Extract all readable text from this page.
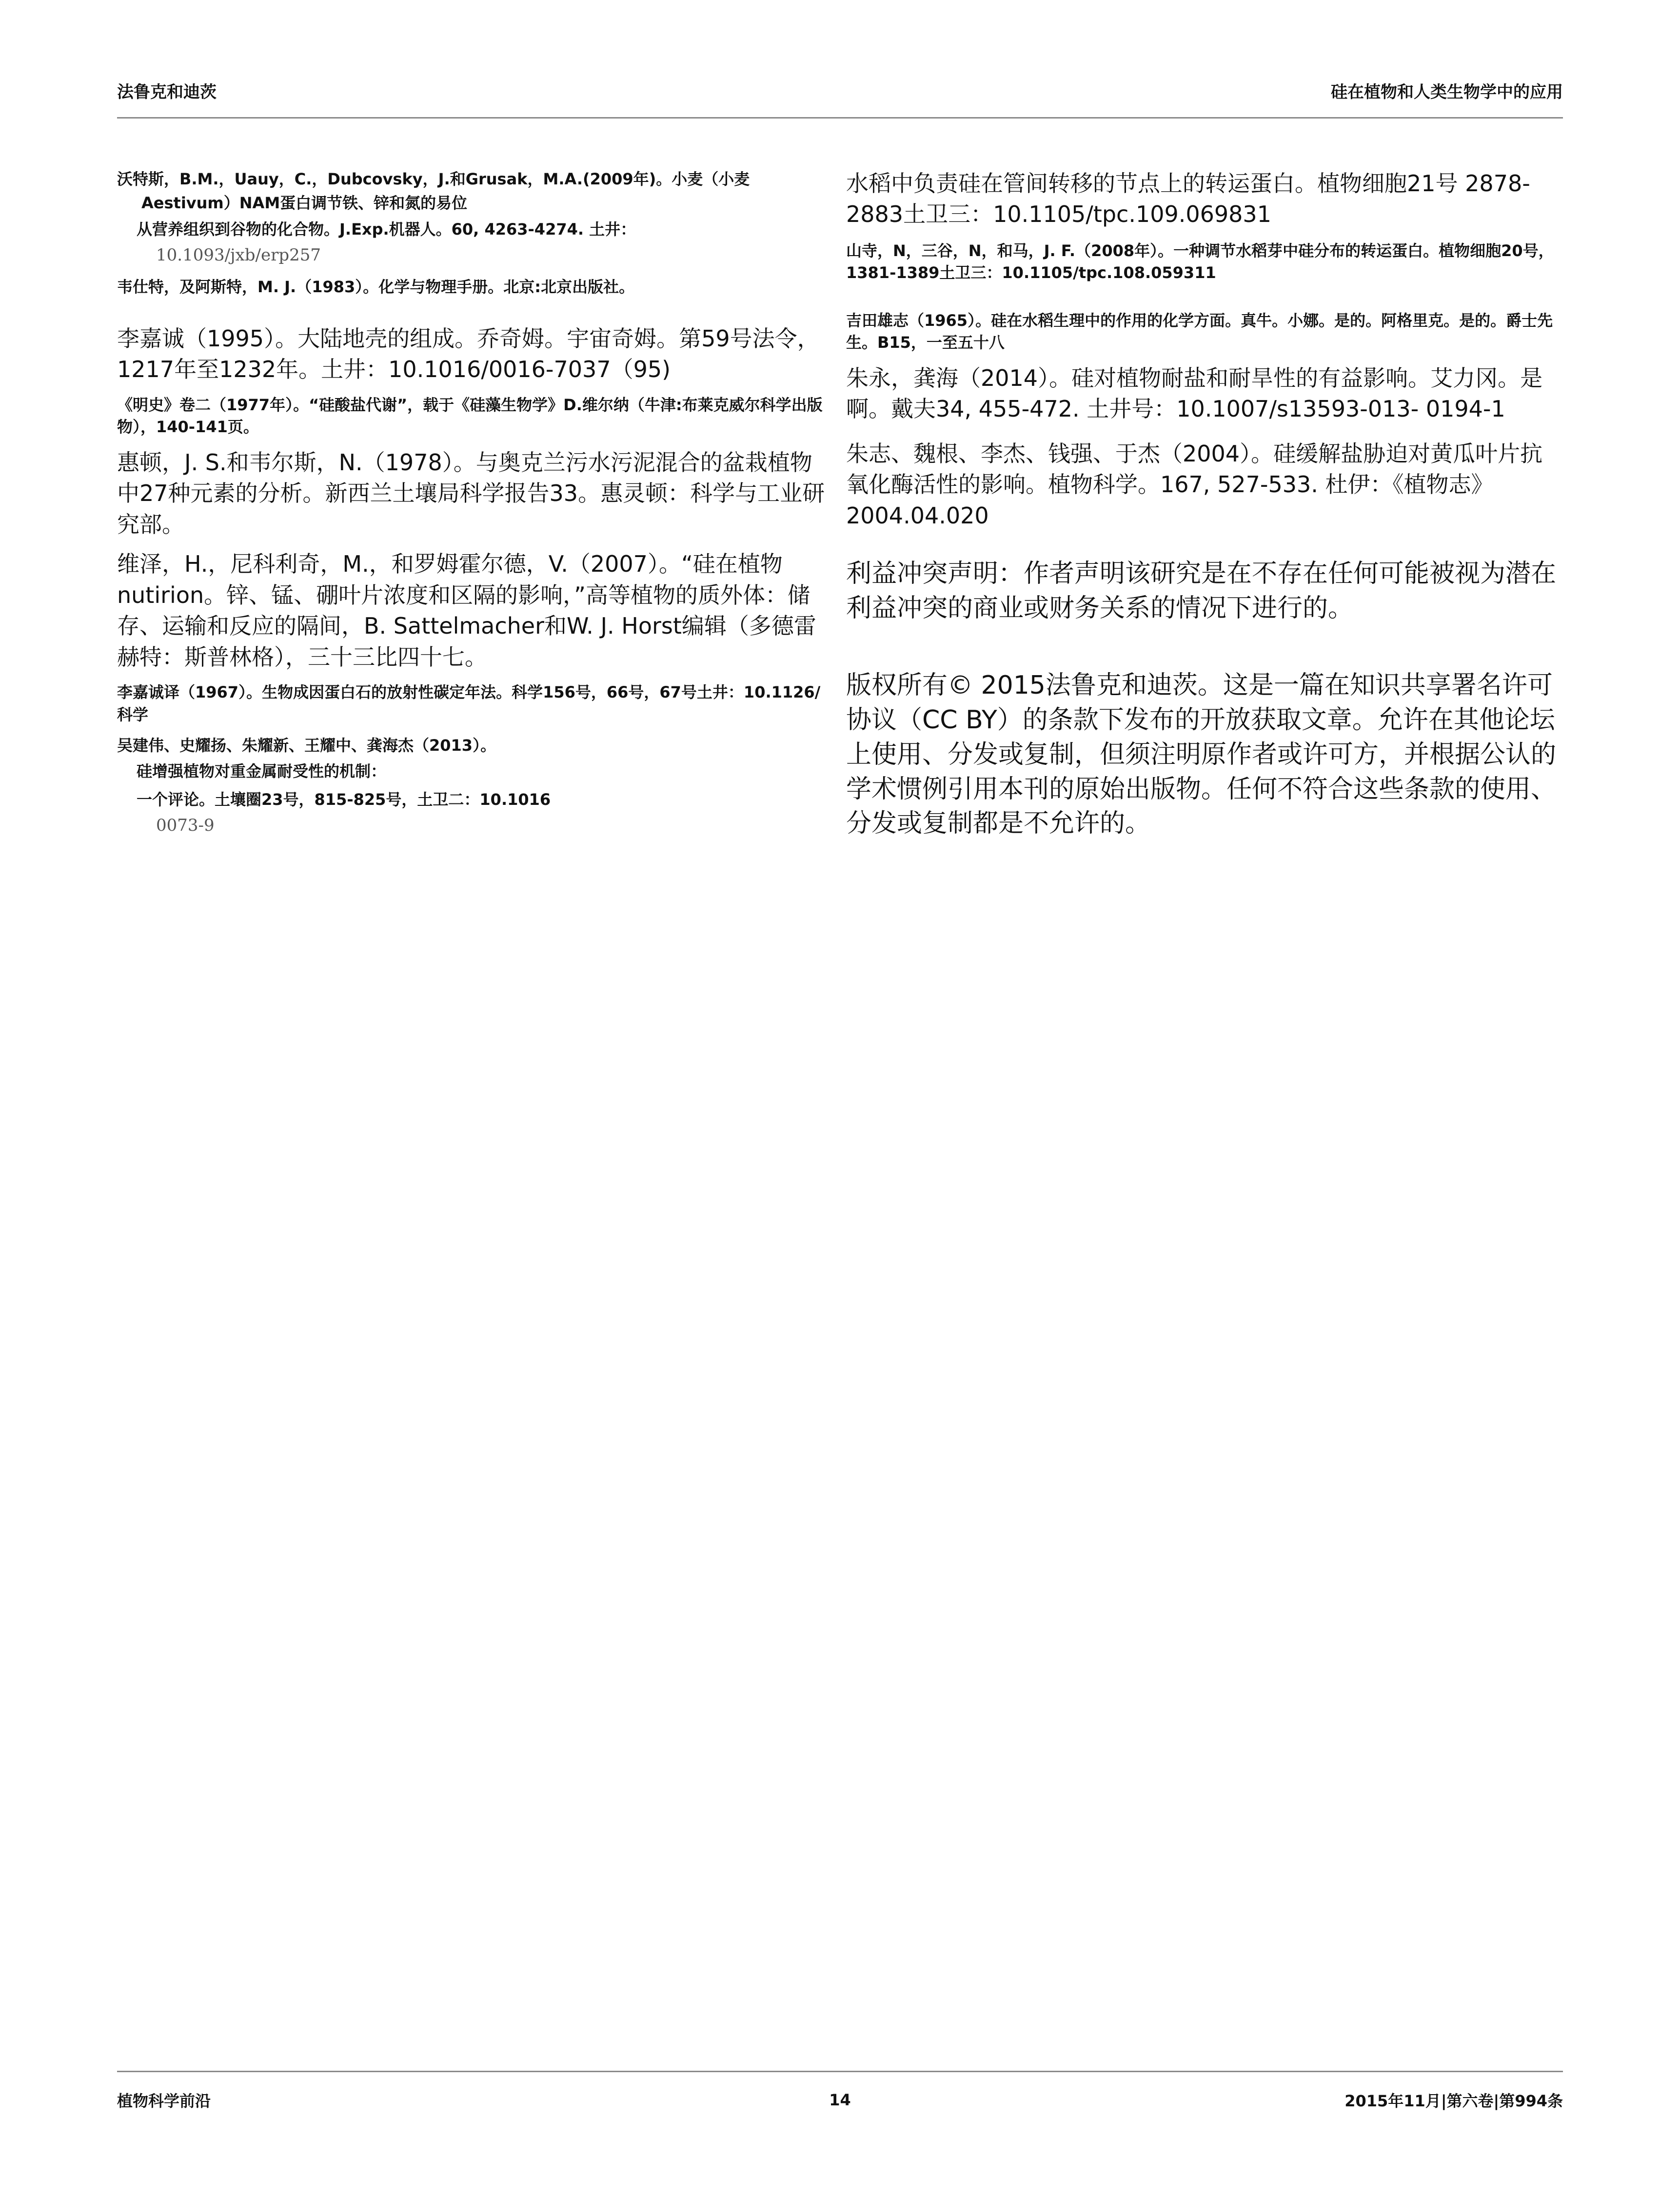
法鲁克和迪茨	硅在植物和人类生物学中的应用
沃特斯，B.M.，Uauy，C.，Dubcovsky，J.和Grusak，M.A.(2009年)。小麦（小麦
Aestivum）NAM蛋白调节铁、锌和氮的易位
从营养组织到谷物的化合物。J.Exp.机器人。60, 4263-4274. 土井：
10.1093/jxb/erp257
韦仕特，及阿斯特，M. J.（1983）。化学与物理手册。北京:北京出版社。
李嘉诚（1995）。大陆地壳的组成。乔奇姆。宇宙奇姆。第59号法令，1217年至1232年。土井：10.1016/0016-7037（95)
《明史》卷二（1977年）。“硅酸盐代谢”，载于《硅藻生物学》D.维尔纳（牛津:布莱克威尔科学出版物），140-141页。
惠顿，J. S.和韦尔斯，N.（1978）。与奥克兰污水污泥混合的盆栽植物中27种元素的分析。新西兰土壤局科学报告33。惠灵顿：科学与工业研究部。
维泽，H.，尼科利奇，M.，和罗姆霍尔德，V.（2007）。“硅在植物nutirion。锌、锰、硼叶片浓度和区隔的影响，”高等植物的质外体：储存、运输和反应的隔间，B. Sattelmacher和W. J. Horst编辑（多德雷赫特：斯普林格），三十三比四十七。
李嘉诚译（1967）。生物成因蛋白石的放射性碳定年法。科学156号，66号，67号土井：10.1126/科学
吴建伟、史耀扬、朱耀新、王耀中、龚海杰（2013）。
硅增强植物对重金属耐受性的机制：
一个评论。土壤圈23号，815-825号，土卫二：10.1016
0073-9
水稻中负责硅在管间转移的节点上的转运蛋白。植物细胞21号 2878-2883土卫三：10.1105/tpc.109.069831
山寺，N，三谷，N，和马，J. F.（2008年）。一种调节水稻芽中硅分布的转运蛋白。植物细胞20号，1381-1389土卫三：10.1105/tpc.108.059311
吉田雄志（1965）。硅在水稻生理中的作用的化学方面。真牛。小娜。是的。阿格里克。是的。爵士先生。B15，一至五十八
朱永，龚海（2014）。硅对植物耐盐和耐旱性的有益影响。艾力冈。是啊。戴夫34, 455-472. 土井号：10.1007/s13593-013- 0194-1
朱志、魏根、李杰、钱强、于杰（2004）。硅缓解盐胁迫对黄瓜叶片抗氧化酶活性的影响。植物科学。167, 527-533. 杜伊：《植物志》2004.04.020
利益冲突声明：作者声明该研究是在不存在任何可能被视为潜在利益冲突的商业或财务关系的情况下进行的。
版权所有© 2015法鲁克和迪茨。这是一篇在知识共享署名许可协议（CC BY）的条款下发布的开放获取文章。允许在其他论坛上使用、分发或复制，但须注明原作者或许可方，并根据公认的学术惯例引用本刊的原始出版物。任何不符合这些条款的使用、分发或复制都是不允许的。
植物科学前沿	14	2015年11月|第六卷|第994条
